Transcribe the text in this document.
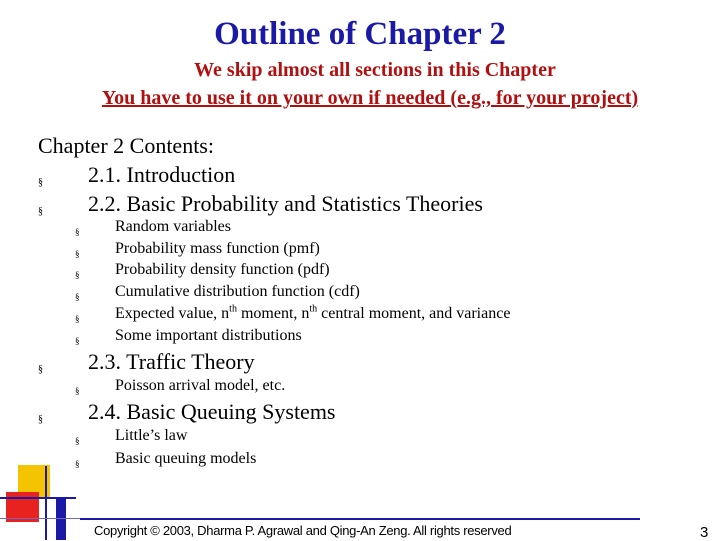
Outline of Chapter 2
We skip almost all sections in this Chapter
You have to use it on your own if needed (e.g., for your project)
Chapter 2 Contents:
§ 2.1. Introduction
§ 2.2. Basic Probability and Statistics Theories
§ Random variables
§ Probability mass function (pmf)
§ Probability density function (pdf)
§ Cumulative distribution function (cdf)
§ Expected value, $n^{th}$ moment, $n^{th}$ central moment, and variance
§ Some important distributions
§ 2.3. Traffic Theory
§ Poisson arrival model, etc.
§ 2.4. Basic Queuing Systems
§ Little’s law
§ Basic queuing models
Copyright © 2003, Dharma P. Agrawal and Qing-An Zeng. All rights reserved	3
